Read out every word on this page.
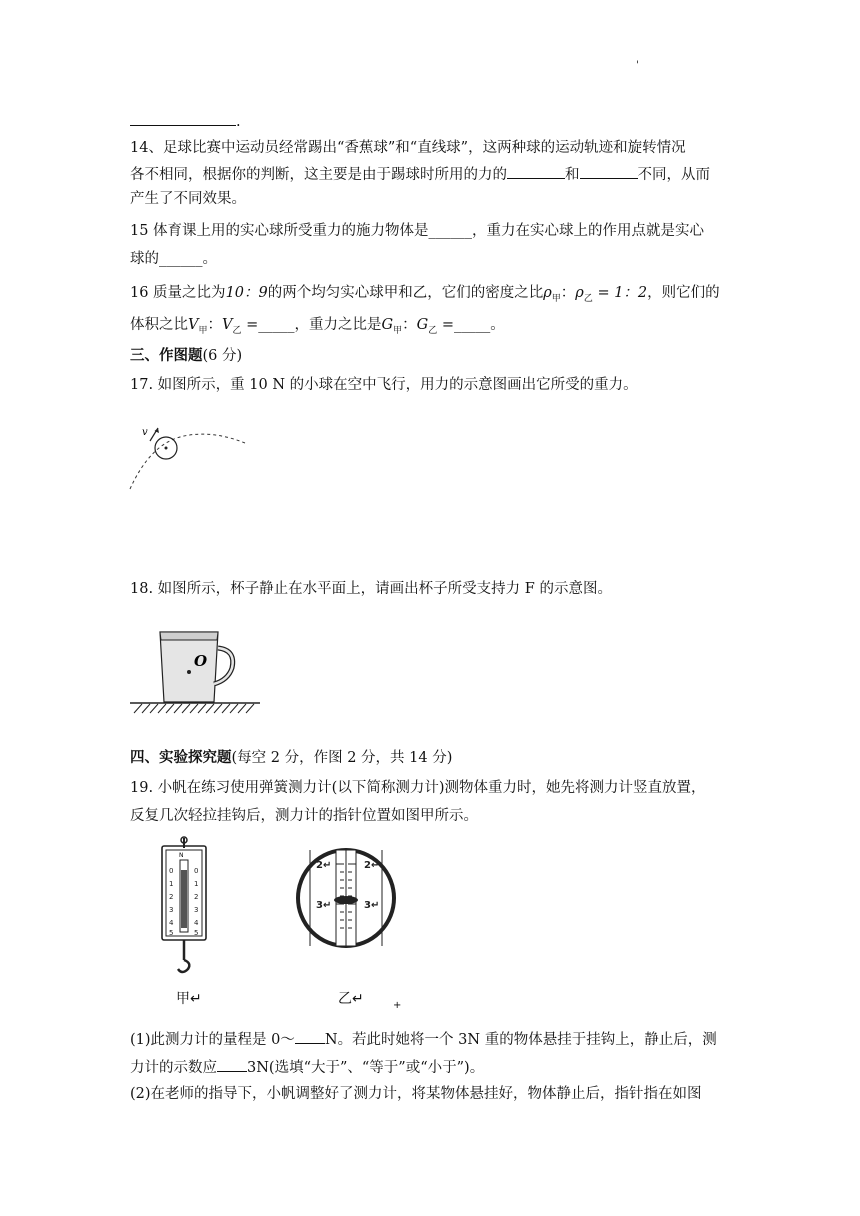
'
.
14、足球比赛中运动员经常踢出“香蕉球”和“直线球”，这两种球的运动轨迹和旋转情况
各不相同，根据你的判断，这主要是由于踢球时所用的力的	和	不同，从而
产生了不同效果。
15 体育课上用的实心球所受重力的施力物体是______，重力在实心球上的作用点就是实心
球的______。
16 质量之比为10：9的两个均匀实心球甲和乙，它们的密度之比$\rho_甲$：$\rho_乙 = 1$：2，则它们的
体积之比$V_甲$：$V_乙$ =_____，重力之比是$G_甲$：$G_乙$ =_____。
三、作图题(6 分)
17. 如图所示，重 10 N 的小球在空中飞行，用力的示意图画出它所受的重力。
v
18. 如图所示，杯子静止在水平面上，请画出杯子所受支持力 F 的示意图。
O
四、实验探究题(每空 2 分，作图 2 分，共 14 分)
19. 小帆在练习使用弹簧测力计(以下简称测力计)测物体重力时，她先将测力计竖直放置，
反复几次轻拉挂钩后，测力计的指针位置如图甲所示。
N
0
1
2
3
4
5
0
1
2
3
4
5
甲↵
2↵	2↵
3↵	3↵
乙↵	+
(1)此测力计的量程是 0～ N。若此时她将一个 3N 重的物体悬挂于挂钩上，静止后，测
力计的示数应 3N(选填“大于”、“等于”或“小于”)。
(2)在老师的指导下，小帆调整好了测力计，将某物体悬挂好，物体静止后，指针指在如图
